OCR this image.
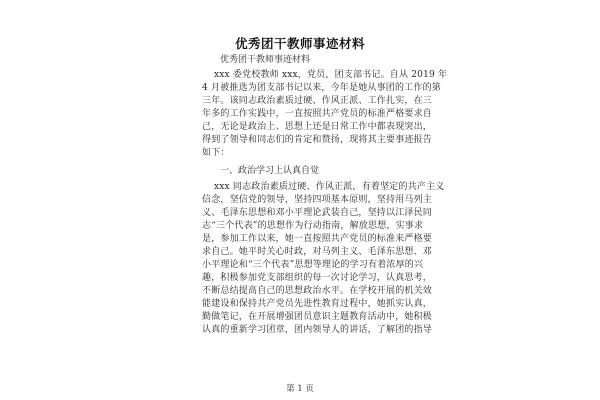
优秀团干教师事迹材料
优秀团干教师事迹材料
xxx 委党校教师 xxx，党员，团支部书记。自从 2019 年
4 月被推选为团支部书记以来，今年是她从事团的工作的第
三年。该同志政治素质过硬、作风正派、工作扎实，在三
年多的工作实践中，一直按照共产党员的标准严格要求自
己，无论是政治上、思想上还是日常工作中都表现突出，
得到了领导和同志们的肯定和赞扬，现将其主要事迹报告
如下：
一、政治学习上认真自觉
xxx 同志政治素质过硬、作风正派，有着坚定的共产主义
信念，坚信党的领导，坚持四项基本原则，坚持用马列主
义、毛泽东思想和邓小平理论武装自己，坚持以江泽民同
志“三个代表”的思想作为行动指南，解放思想，实事求
是，参加工作以来，她一直按照共产党员的标准来严格要
求自己。她平时关心时政，对马列主义、毛泽东思想、邓
小平理论和“三个代表”思想等理论的学习有着浓厚的兴
趣，积极参加党支部组织的每一次讨论学习，认真思考，
不断总结提高自己的思想政治水平。在学校开展的机关效
能建设和保持共产党员先进性教育过程中，她抓实认真，
勤做笔记，在开展增强团员意识主题教育活动中，她积极
认真的重新学习团章，团内领导人的讲话，了解团的指导
第 1 页
